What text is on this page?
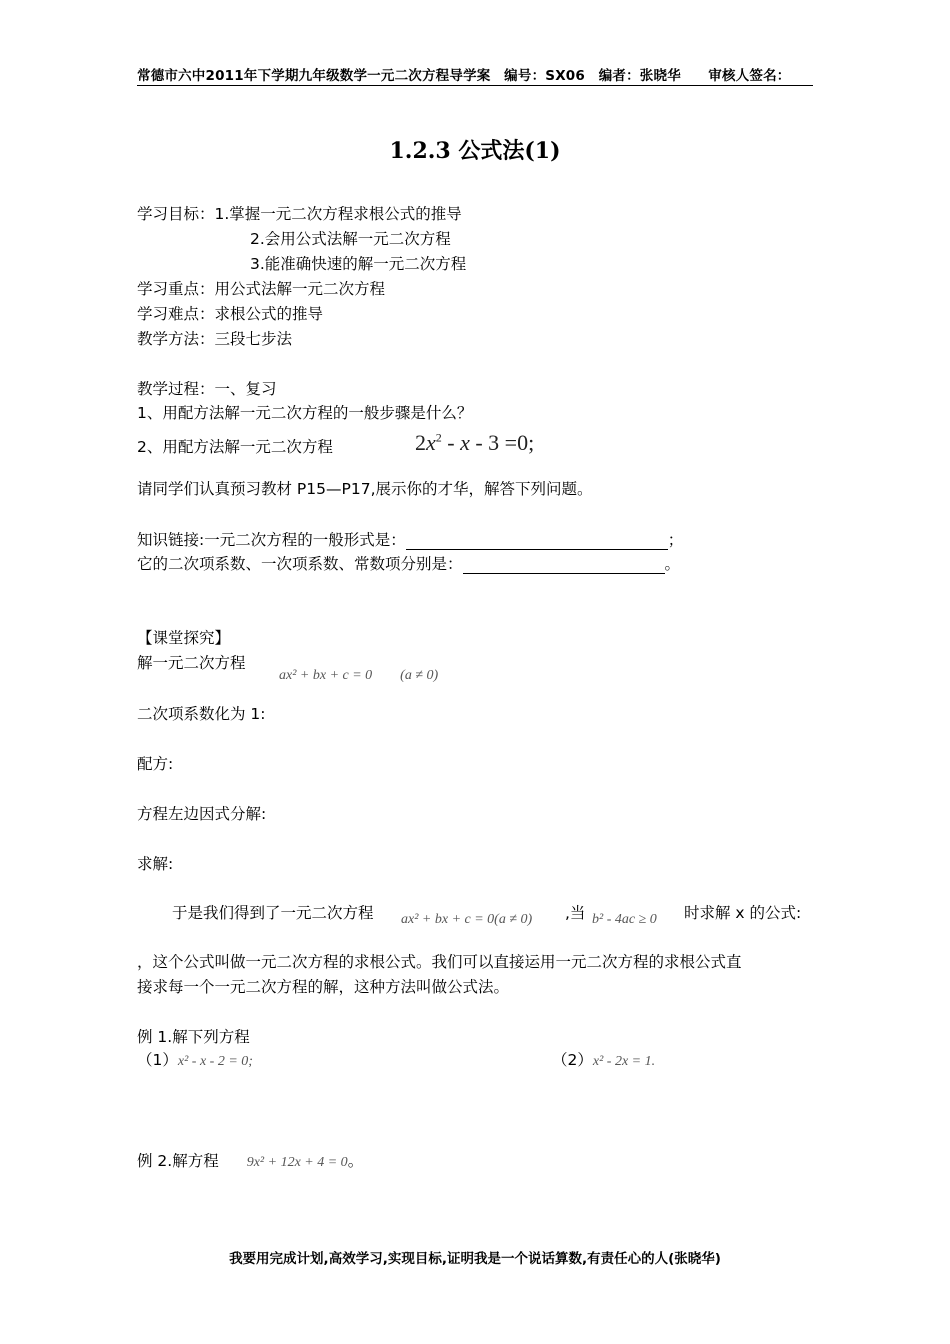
常德市六中2011年下学期九年级数学一元二次方程导学案　编号：SX06　编者：张晓华　　审核人签名：
1.2.3 公式法(1)
学习目标：1.掌握一元二次方程求根公式的推导
2.会用公式法解一元二次方程
3.能准确快速的解一元二次方程
学习重点：用公式法解一元二次方程
学习难点：求根公式的推导
教学方法：三段七步法
教学过程：一、复习
1、用配方法解一元二次方程的一般步骤是什么？
2、用配方法解一元二次方程	$2x^2 - x - 3 =0$;
请同学们认真预习教材 P15—P17,展示你的才华，解答下列问题。
知识链接:一元二次方程的一般形式是：	；
它的二次项系数、一次项系数、常数项分别是：	。
【课堂探究】
解一元二次方程
ax² + bx + c = 0　　(a ≠ 0)
二次项系数化为 1:
配方:
方程左边因式分解:
求解:
于是我们得到了一元二次方程 ax² + bx + c = 0(a ≠ 0) ,当 b² - 4ac ≥ 0 时求解 x 的公式:
，这个公式叫做一元二次方程的求根公式。我们可以直接运用一元二次方程的求根公式直
接求每一个一元二次方程的解，这种方法叫做公式法。
例 1.解下列方程
（1）x² - x - 2 = 0;	（2）x² - 2x = 1.
例 2.解方程 9x² + 12x + 4 = 0。
我要用完成计划,高效学习,实现目标,证明我是一个说话算数,有责任心的人(张晓华)
